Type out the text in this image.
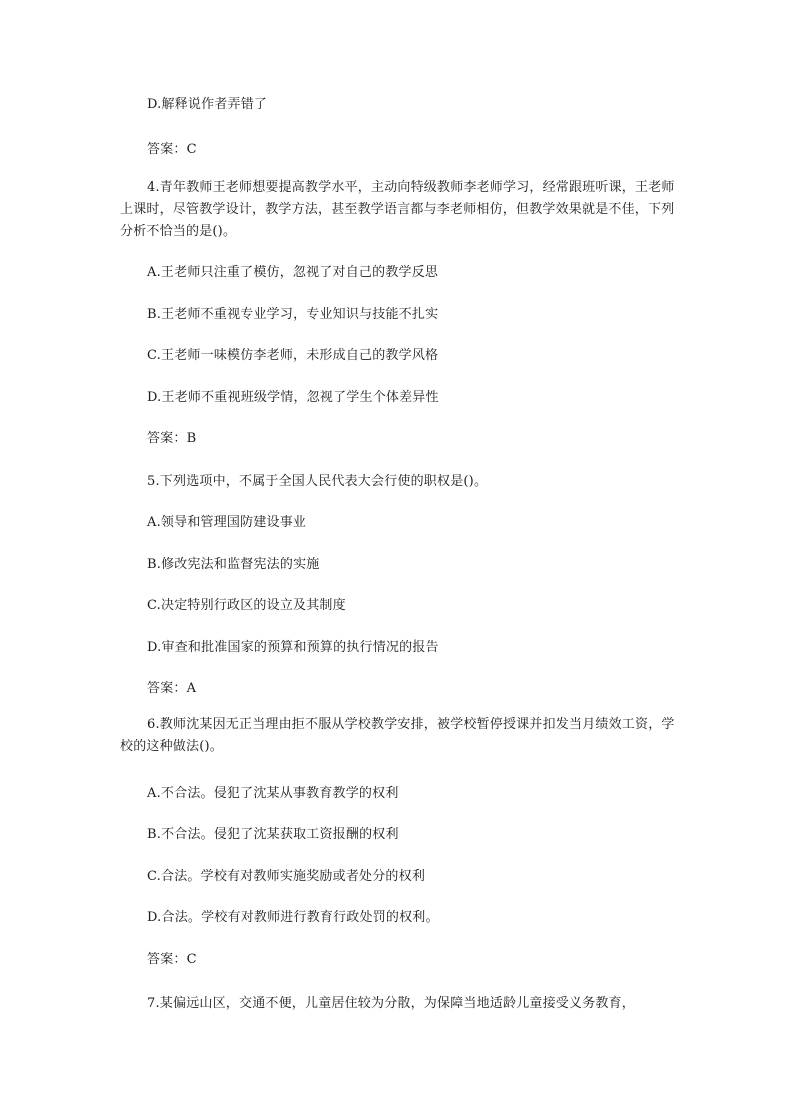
D.解释说作者弄错了
答案：C
4.青年教师王老师想要提高教学水平，主动向特级教师李老师学习，经常跟班听课，王老师上课时，尽管教学设计，教学方法，甚至教学语言都与李老师相仿，但教学效果就是不佳，下列分析不恰当的是()。
A.王老师只注重了模仿，忽视了对自己的教学反思
B.王老师不重视专业学习，专业知识与技能不扎实
C.王老师一味模仿李老师，未形成自己的教学风格
D.王老师不重视班级学情，忽视了学生个体差异性
答案：B
5.下列选项中，不属于全国人民代表大会行使的职权是()。
A.领导和管理国防建设事业
B.修改宪法和监督宪法的实施
C.决定特别行政区的设立及其制度
D.审查和批准国家的预算和预算的执行情况的报告
答案：A
6.教师沈某因无正当理由拒不服从学校教学安排，被学校暂停授课并扣发当月绩效工资，学校的这种做法()。
A.不合法。侵犯了沈某从事教育教学的权利
B.不合法。侵犯了沈某获取工资报酬的权利
C.合法。学校有对教师实施奖励或者处分的权利
D.合法。学校有对教师进行教育行政处罚的权利。
答案：C
7.某偏远山区，交通不便，儿童居住较为分散，为保障当地适龄儿童接受义务教育，
